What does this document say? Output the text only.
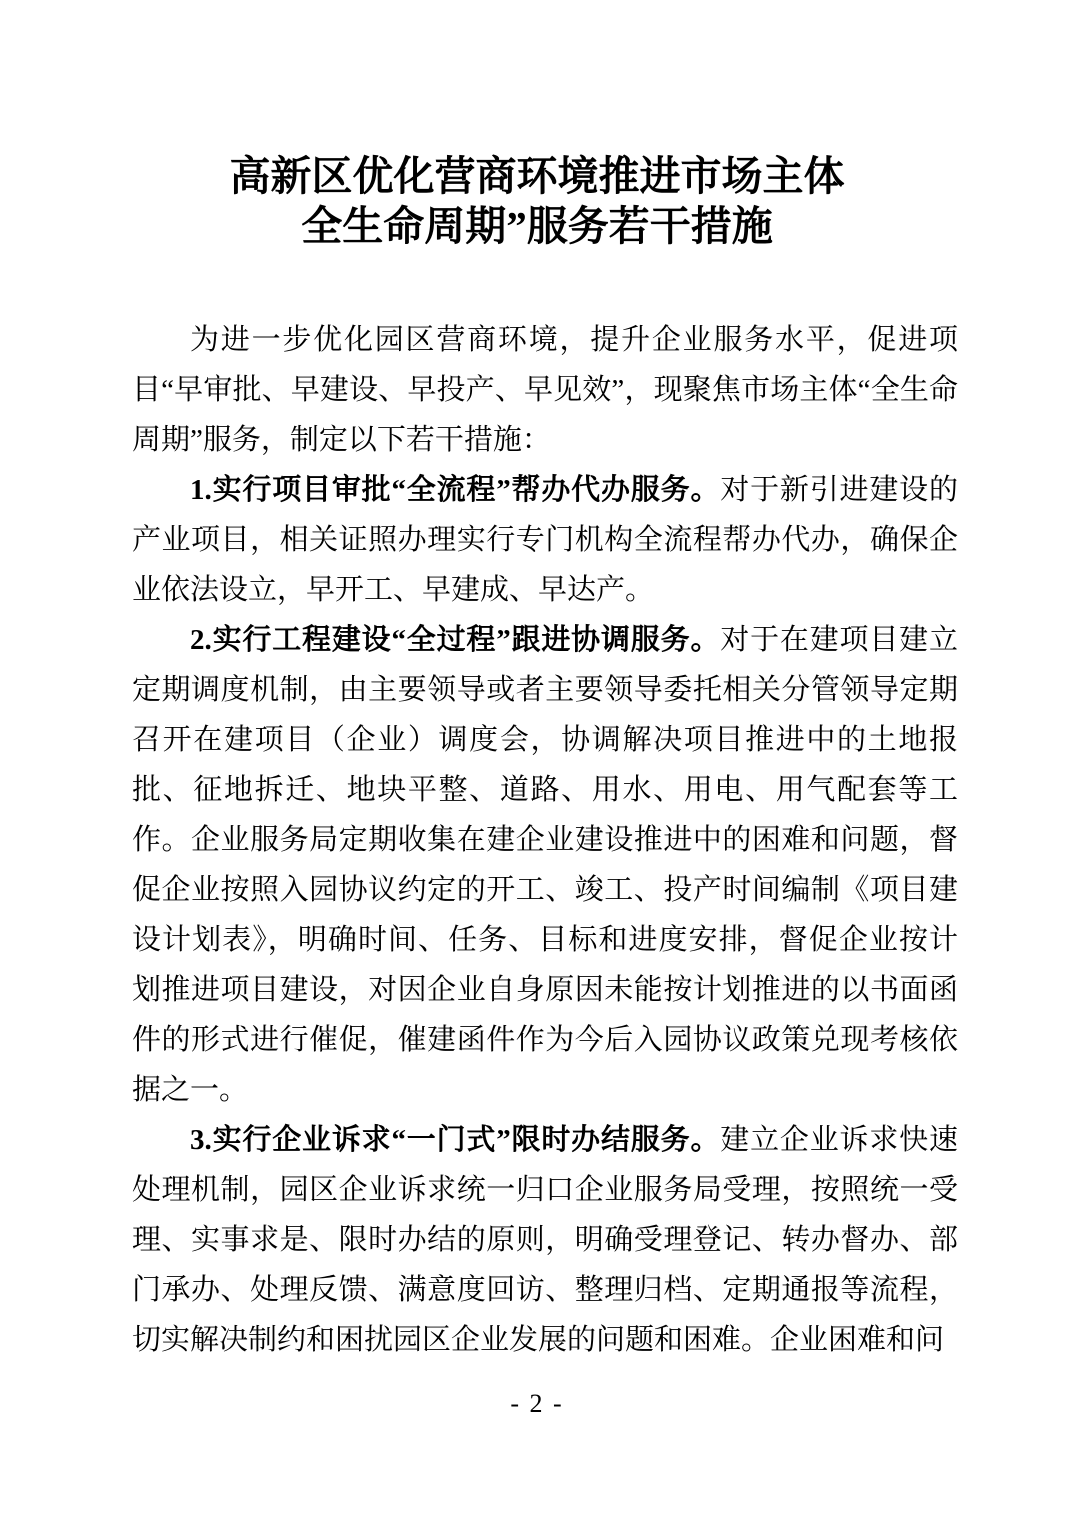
高新区优化营商环境推进市场主体
全生命周期”服务若干措施

为进一步优化园区营商环境，提升企业服务水平，促进项目“早审批、早建设、早投产、早见效”，现聚焦市场主体“全生命周期”服务，制定以下若干措施：

1.实行项目审批“全流程”帮办代办服务。对于新引进建设的产业项目，相关证照办理实行专门机构全流程帮办代办，确保企业依法设立，早开工、早建成、早达产。

2.实行工程建设“全过程”跟进协调服务。对于在建项目建立定期调度机制，由主要领导或者主要领导委托相关分管领导定期召开在建项目（企业）调度会，协调解决项目推进中的土地报批、征地拆迁、地块平整、道路、用水、用电、用气配套等工作。企业服务局定期收集在建企业建设推进中的困难和问题，督促企业按照入园协议约定的开工、竣工、投产时间编制《项目建设计划表》，明确时间、任务、目标和进度安排，督促企业按计划推进项目建设，对因企业自身原因未能按计划推进的以书面函件的形式进行催促，催建函件作为今后入园协议政策兑现考核依据之一。

3.实行企业诉求“一门式”限时办结服务。建立企业诉求快速处理机制，园区企业诉求统一归口企业服务局受理，按照统一受理、实事求是、限时办结的原则，明确受理登记、转办督办、部门承办、处理反馈、满意度回访、整理归档、定期通报等流程，切实解决制约和困扰园区企业发展的问题和困难。企业困难和问

- 2 -
